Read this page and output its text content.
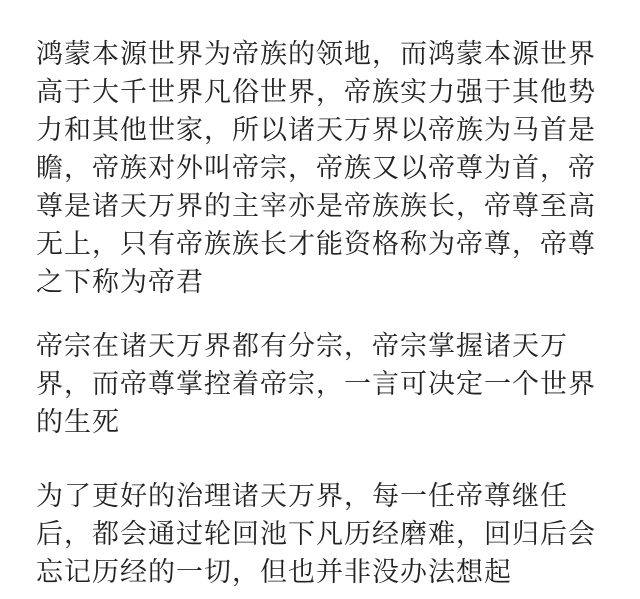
鸿蒙本源世界为帝族的领地，而鸿蒙本源世界
高于大千世界凡俗世界，帝族实力强于其他势
力和其他世家，所以诸天万界以帝族为马首是
瞻，帝族对外叫帝宗，帝族又以帝尊为首，帝
尊是诸天万界的主宰亦是帝族族长，帝尊至高
无上，只有帝族族长才能资格称为帝尊，帝尊
之下称为帝君

帝宗在诸天万界都有分宗，帝宗掌握诸天万
界，而帝尊掌控着帝宗，一言可决定一个世界
的生死

为了更好的治理诸天万界，每一任帝尊继任
后，都会通过轮回池下凡历经磨难，回归后会
忘记历经的一切，但也并非没办法想起
